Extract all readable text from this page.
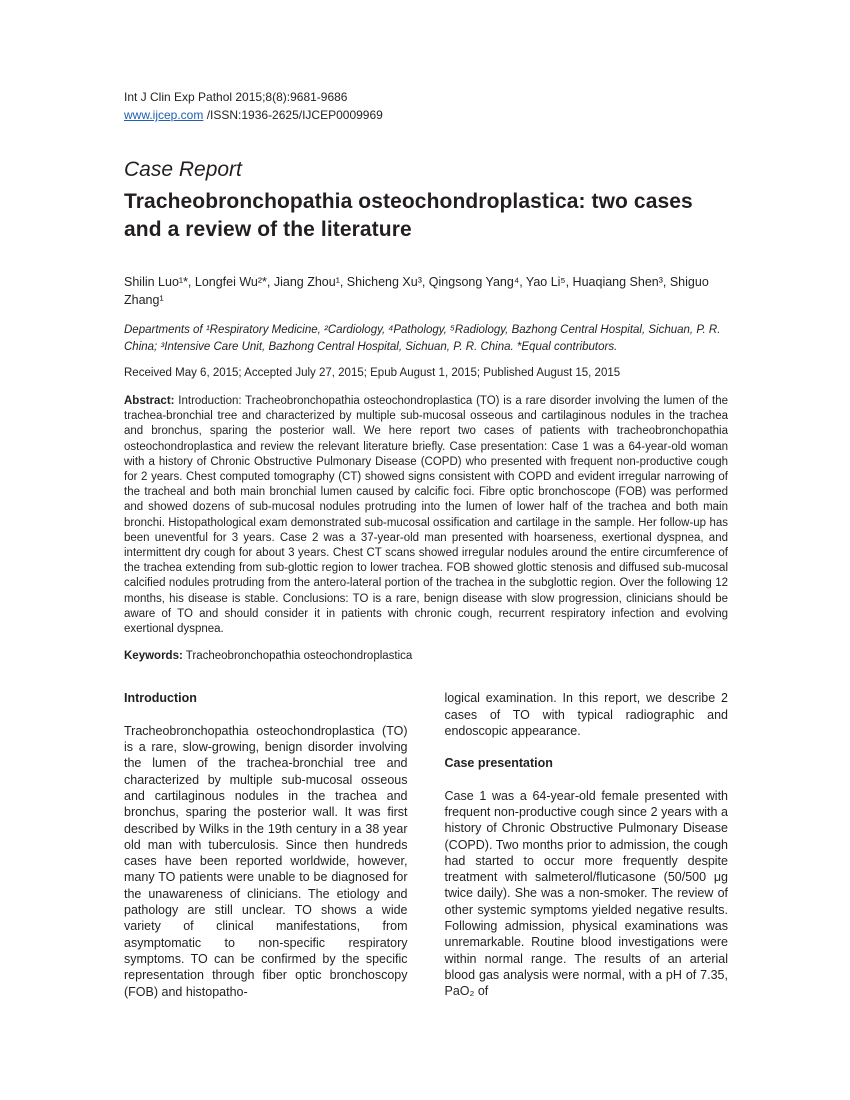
Int J Clin Exp Pathol 2015;8(8):9681-9686
www.ijcep.com /ISSN:1936-2625/IJCEP0009969
Case Report
Tracheobronchopathia osteochondroplastica: two cases and a review of the literature

Shilin Luo¹*, Longfei Wu²*, Jiang Zhou¹, Shicheng Xu³, Qingsong Yang⁴, Yao Li⁵, Huaqiang Shen³, Shiguo Zhang¹

Departments of ¹Respiratory Medicine, ²Cardiology, ⁴Pathology, ⁵Radiology, Bazhong Central Hospital, Sichuan, P. R. China; ³Intensive Care Unit, Bazhong Central Hospital, Sichuan, P. R. China. *Equal contributors.

Received May 6, 2015; Accepted July 27, 2015; Epub August 1, 2015; Published August 15, 2015

Abstract: Introduction: Tracheobronchopathia osteochondroplastica (TO) is a rare disorder involving the lumen of the trachea-bronchial tree and characterized by multiple sub-mucosal osseous and cartilaginous nodules in the trachea and bronchus, sparing the posterior wall. We here report two cases of patients with tracheobronchopathia osteochondroplastica and review the relevant literature briefly. Case presentation: Case 1 was a 64-year-old woman with a history of Chronic Obstructive Pulmonary Disease (COPD) who presented with frequent non-productive cough for 2 years. Chest computed tomography (CT) showed signs consistent with COPD and evident irregular narrowing of the tracheal and both main bronchial lumen caused by calcific foci. Fibre optic bronchoscope (FOB) was performed and showed dozens of sub-mucosal nodules protruding into the lumen of lower half of the trachea and both main bronchi. Histopathological exam demonstrated sub-mucosal ossification and cartilage in the sample. Her follow-up has been uneventful for 3 years. Case 2 was a 37-year-old man presented with hoarseness, exertional dyspnea, and intermittent dry cough for about 3 years. Chest CT scans showed irregular nodules around the entire circumference of the trachea extending from sub-glottic region to lower trachea. FOB showed glottic stenosis and diffused sub-mucosal calcified nodules protruding from the antero-lateral portion of the trachea in the subglottic region. Over the following 12 months, his disease is stable. Conclusions: TO is a rare, benign disease with slow progression, clinicians should be aware of TO and should consider it in patients with chronic cough, recurrent respiratory infection and evolving exertional dyspnea.

Keywords: Tracheobronchopathia osteochondroplastica

Introduction

Tracheobronchopathia osteochondroplastica (TO) is a rare, slow-growing, benign disorder involving the lumen of the trachea-bronchial tree and characterized by multiple sub-mucosal osseous and cartilaginous nodules in the trachea and bronchus, sparing the posterior wall. It was first described by Wilks in the 19th century in a 38 year old man with tuberculosis. Since then hundreds cases have been reported worldwide, however, many TO patients were unable to be diagnosed for the unawareness of clinicians. The etiology and pathology are still unclear. TO shows a wide variety of clinical manifestations, from asymptomatic to non-specific respiratory symptoms. TO can be confirmed by the specific representation through fiber optic bronchoscopy (FOB) and histopatho-

logical examination. In this report, we describe 2 cases of TO with typical radiographic and endoscopic appearance.

Case presentation

Case 1 was a 64-year-old female presented with frequent non-productive cough since 2 years with a history of Chronic Obstructive Pulmonary Disease (COPD). Two months prior to admission, the cough had started to occur more frequently despite treatment with salmeterol/fluticasone (50/500 μg twice daily). She was a non-smoker. The review of other systemic symptoms yielded negative results. Following admission, physical examinations was unremarkable. Routine blood investigations were within normal range. The results of an arterial blood gas analysis were normal, with a pH of 7.35, PaO₂ of
